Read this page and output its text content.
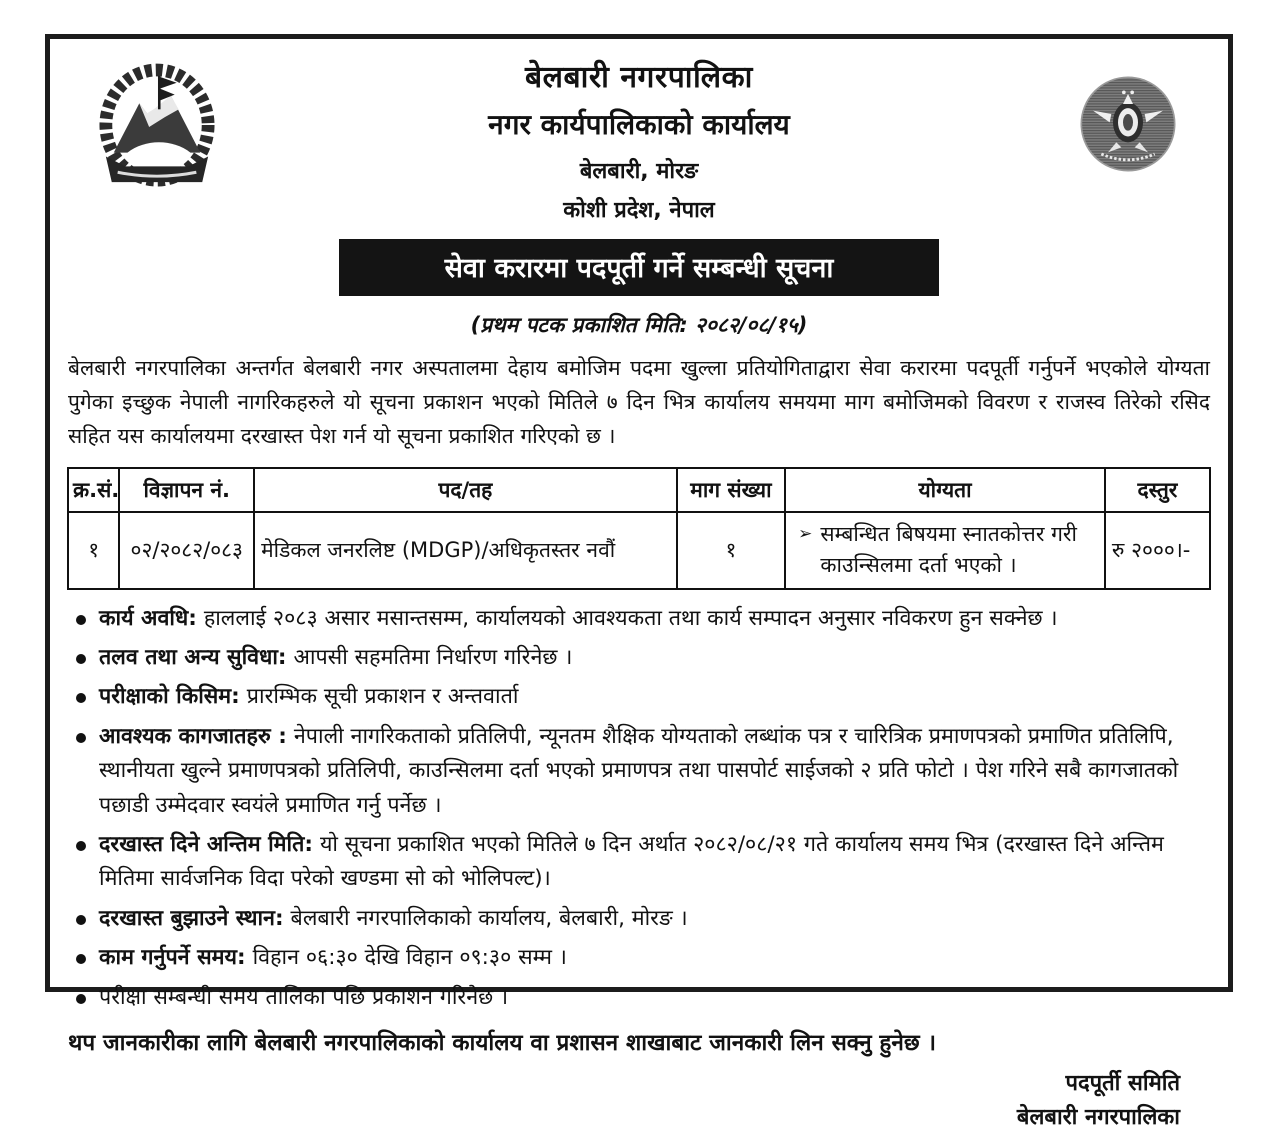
बेलबारी नगरपालिका
नगर कार्यपालिकाको कार्यालय
बेलबारी, मोरङ
कोशी प्रदेश, नेपाल
सेवा करारमा पदपूर्ती गर्ने सम्बन्धी सूचना
(प्रथम पटक प्रकाशित मिति: २०८२/०८/१५)

बेलबारी नगरपालिका अन्तर्गत बेलबारी नगर अस्पतालमा देहाय बमोजिम पदमा खुल्ला प्रतियोगिताद्वारा सेवा करारमा पदपूर्ती गर्नुपर्ने भएकोले योग्यता पुगेका इच्छुक नेपाली नागरिकहरुले यो सूचना प्रकाशन भएको मितिले ७ दिन भित्र कार्यालय समयमा माग बमोजिमको विवरण र राजस्व तिरेको रसिद सहित यस कार्यालयमा दरखास्त पेश गर्न यो सूचना प्रकाशित गरिएको छ ।

क्र.सं.	विज्ञापन नं.	पद/तह	माग संख्या	योग्यता	दस्तुर
१	०२/२०८२/०८३	मेडिकल जनरलिष्ट (MDGP)/अधिकृतस्तर नवौं	१	➢ सम्बन्धित बिषयमा स्नातकोत्तर गरी काउन्सिलमा दर्ता भएको ।	रु २०००।-
कार्य अवधि: हाललाई २०८३ असार मसान्तसम्म, कार्यालयको आवश्यकता तथा कार्य सम्पादन अनुसार नविकरण हुन सक्नेछ ।
तलव तथा अन्य सुविधा: आपसी सहमतिमा निर्धारण गरिनेछ ।
परीक्षाको किसिम: प्रारम्भिक सूची प्रकाशन र अन्तवार्ता
आवश्यक कागजातहरु : नेपाली नागरिकताको प्रतिलिपी, न्यूनतम शैक्षिक योग्यताको लब्धांक पत्र र चारित्रिक प्रमाणपत्रको प्रमाणित प्रतिलिपि, स्थानीयता खुल्ने प्रमाणपत्रको प्रतिलिपी, काउन्सिलमा दर्ता भएको प्रमाणपत्र तथा पासपोर्ट साईजको २ प्रति फोटो । पेश गरिने सबै कागजातको पछाडी उम्मेदवार स्वयंले प्रमाणित गर्नु पर्नेछ ।
दरखास्त दिने अन्तिम मिति: यो सूचना प्रकाशित भएको मितिले ७ दिन अर्थात २०८२/०८/२१ गते कार्यालय समय भित्र (दरखास्त दिने अन्तिम मितिमा सार्वजनिक विदा परेको खण्डमा सो को भोलिपल्ट)।
दरखास्त बुझाउने स्थान: बेलबारी नगरपालिकाको कार्यालय, बेलबारी, मोरङ ।
काम गर्नुपर्ने समय: विहान ०६:३० देखि विहान ०९:३० सम्म ।
परीक्षा सम्बन्धी समय तालिका पछि प्रकाशन गरिनेछ ।
थप जानकारीका लागि बेलबारी नगरपालिकाको कार्यालय वा प्रशासन शाखाबाट जानकारी लिन सक्नु हुनेछ ।
पदपूर्ती समिति
बेलबारी नगरपालिका
